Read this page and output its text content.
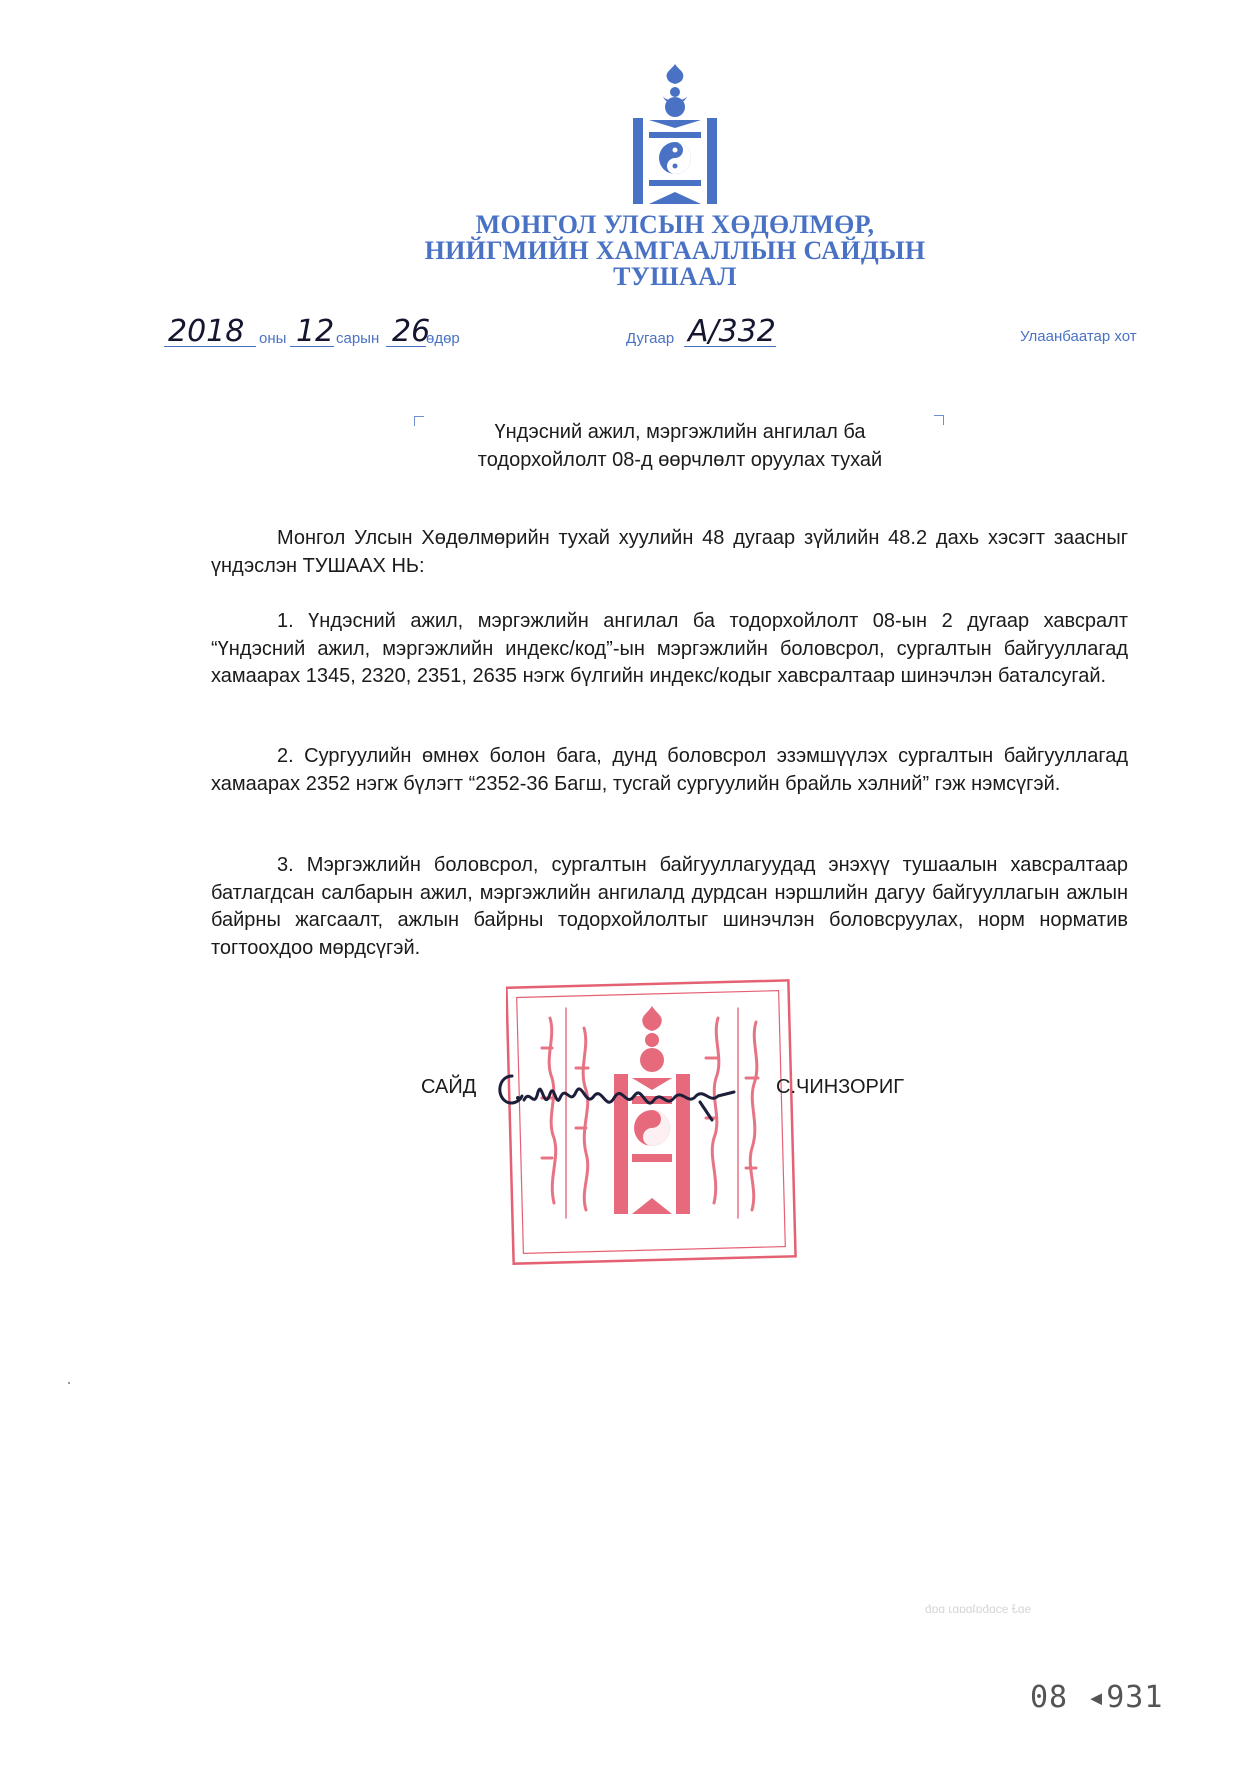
МОНГОЛ УЛСЫН ХӨДӨЛМӨР,
НИЙГМИЙН ХАМГААЛЛЫН САЙДЫН
ТУШААЛ
2018 оны 12 сарын 26
өдөр	Дугаар А/332	Улаанбаатар хот
Үндэсний ажил, мэргэжлийн ангилал ба
тодорхойлолт 08-д өөрчлөлт оруулах тухай

Монгол Улсын Хөдөлмөрийн тухай хуулийн 48 дугаар зүйлийн 48.2 дахь хэсэгт заасныг үндэслэн ТУШААХ НЬ:

1. Үндэсний ажил, мэргэжлийн ангилал ба тодорхойлолт 08-ын 2 дугаар хавсралт “Үндэсний ажил, мэргэжлийн индекс/код”-ын мэргэжлийн боловсрол, сургалтын байгууллагад хамаарах 1345, 2320, 2351, 2635 нэгж бүлгийн индекс/кодыг хавсралтаар шинэчлэн баталсугай.

2. Сургуулийн өмнөх болон бага, дунд боловсрол эзэмшүүлэх сургалтын байгууллагад хамаарах 2352 нэгж бүлэгт “2352-36 Багш, тусгай сургуулийн брайль хэлний” гэж нэмсүгэй.

3. Мэргэжлийн боловсрол, сургалтын байгууллагуудад энэхүү тушаалын хавсралтаар батлагдсан салбарын ажил, мэргэжлийн ангилалд дурдсан нэршлийн дагуу байгууллагын ажлын байрны жагсаалт, ажлын байрны тодорхойлолтыг шинэчлэн боловсруулах, норм норматив тогтоохдоо мөрдсүгэй.

САЙД	С.ЧИНЗОРИГ
ɘɒɈ ɘɔɒɓɑʇɒɑɒɹ ɒɑɓ
08 ◂931
